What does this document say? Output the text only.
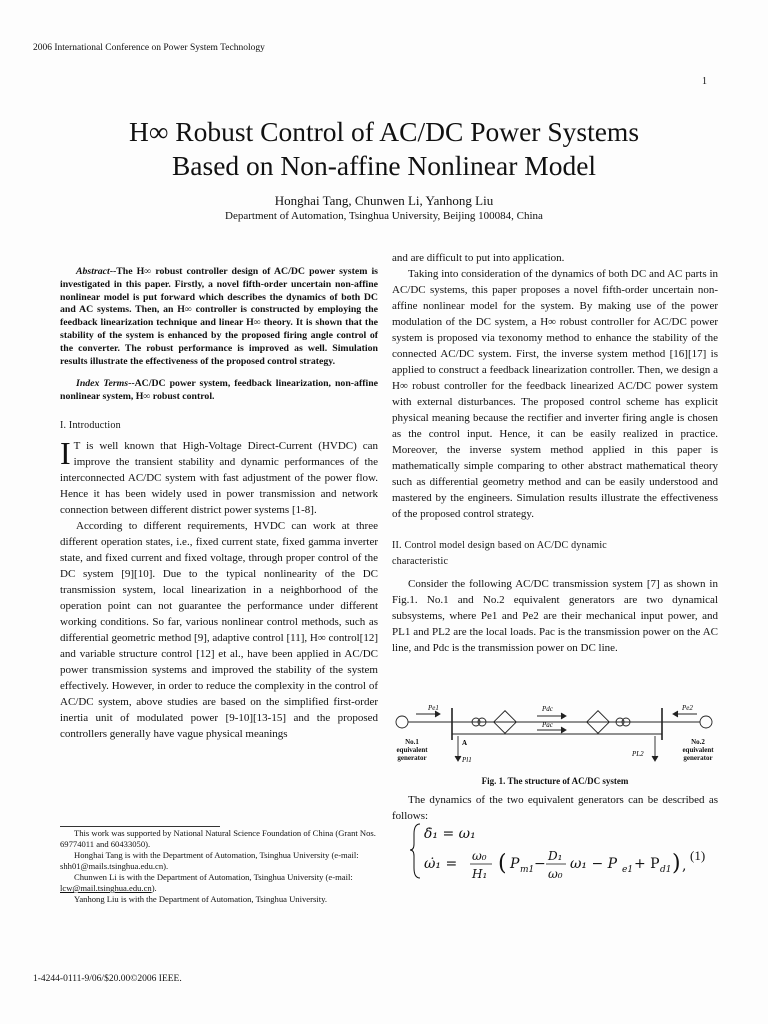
2006 International Conference on Power System Technology
1
H∞ Robust Control of AC/DC Power Systems
Based on Non-affine Nonlinear Model
Honghai Tang, Chunwen Li, Yanhong Liu
Department of Automation, Tsinghua University, Beijing 100084, China

Abstract--The H∞ robust controller design of AC/DC power system is investigated in this paper. Firstly, a novel fifth-order uncertain non-affine nonlinear model is put forward which describes the dynamics of both DC and AC systems. Then, an H∞ controller is constructed by employing the feedback linearization technique and linear H∞ theory. It is shown that the stability of the system is enhanced by the proposed firing angle control of the converter. The robust performance is improved as well. Simulation results illustrate the effectiveness of the proposed control strategy.

Index Terms--AC/DC power system, feedback linearization, non-affine nonlinear system, H∞ robust control.

I. Introduction

I T is well known that High-Voltage Direct-Current (HVDC) can improve the transient stability and dynamic performances of the interconnected AC/DC system with fast adjustment of the power flow. Hence it has been widely used in power transmission and network connection between different district power systems [1-8].

According to different requirements, HVDC can work at three different operation states, i.e., fixed current state, fixed gamma inverter state, and fixed current and fixed voltage, through proper control of the DC system [9][10]. Due to the typical nonlinearity of the DC transmission system, local linearization in a neighborhood of the operation point can not guarantee the performance under different working conditions. So far, various nonlinear control methods, such as differential geometric method [9], adaptive control [11], H∞ control[12] and variable structure control [12] et al., have been applied in AC/DC power transmission systems and improved the stability of the system effectively. However, in order to reduce the complexity in the control of AC/DC system, above studies are based on the simplified first-order inertia unit of modulated power [9-10][13-15] and the proposed controllers generally have vague physical meanings

and are difficult to put into application.

Taking into consideration of the dynamics of both DC and AC parts in AC/DC systems, this paper proposes a novel fifth-order uncertain non-affine nonlinear model for the system. By making use of the power modulation of the DC system, a H∞ robust controller for AC/DC power system is proposed via texonomy method to enhance the stability of the connected AC/DC system. First, the inverse system method [16][17] is applied to construct a feedback linearization controller. Then, we design a H∞ robust controller for the feedback linearized AC/DC power system with external disturbances. The proposed control scheme has explicit physical meaning because the rectifier and inverter firing angle is chosen as the control input. Hence, it can be easily realized in practice. Moreover, the inverse system method applied in this paper is mathematically simple comparing to other abstract mathematical theory such as differential geometry method and can be easily understood and mastered by the engineers. Simulation results illustrate the effectiveness of the proposed control strategy.

II. Control model design based on AC/DC dynamic

characteristic

Consider the following AC/DC transmission system [7] as shown in Fig.1. No.1 and No.2 equivalent generators are two dynamical subsystems, where Pe1 and Pe2 are their mechanical input power, and PL1 and PL2 are the local loads. Pac is the transmission power on the AC line, and Pdc is the transmission power on DC line.

Pe1	Pe2
Pdc
Pac
Pl1
PL2
A
No.1 equivalent generator
No.2 equivalent generator
Fig. 1. The structure of AC/DC system

The dynamics of the two equivalent generators can be described as follows:

δ̇₁ = ω₁
ω̇₁ = ω₀
H₁ ( P m1 − D₁
ω₀
ω₁ − P e1 + P d1 ) ,
(1)

This work was supported by National Natural Science Foundation of China (Grant Nos. 69774011 and 60433050).

Honghai Tang is with the Department of Automation, Tsinghua University (e-mail: shh01@mails.tsinghua.edu.cn).

Chunwen Li is with the Department of Automation, Tsinghua University (e-mail: lcw@mail.tsinghua.edu.cn).

Yanhong Liu is with the Department of Automation, Tsinghua University.

1-4244-0111-9/06/$20.00©2006 IEEE.
